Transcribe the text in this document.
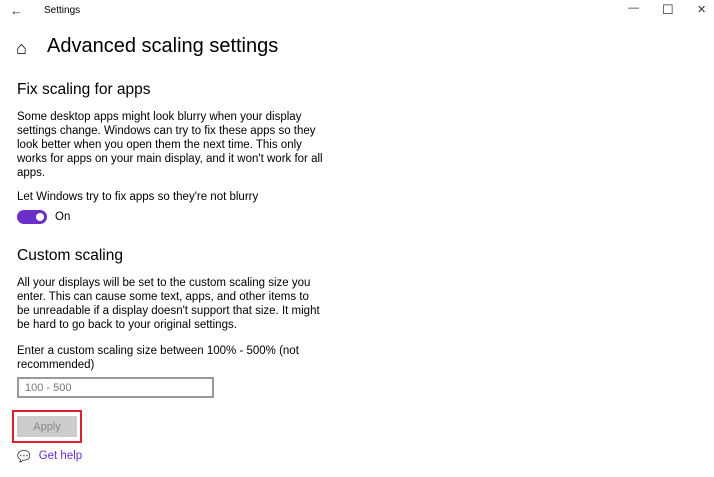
← Settings	— ☐ ✕
⌂ Advanced scaling settings
Fix scaling for apps
Some desktop apps might look blurry when your display settings change. Windows can try to fix these apps so they look better when you open them the next time. This only works for apps on your main display, and it won't work for all apps.
Let Windows try to fix apps so they're not blurry
On
Custom scaling
All your displays will be set to the custom scaling size you enter. This can cause some text, apps, and other items to be unreadable if a display doesn't support that size. It might be hard to go back to your original settings.
Enter a custom scaling size between 100% - 500% (not recommended)
100 - 500
Apply
💬 Get help
